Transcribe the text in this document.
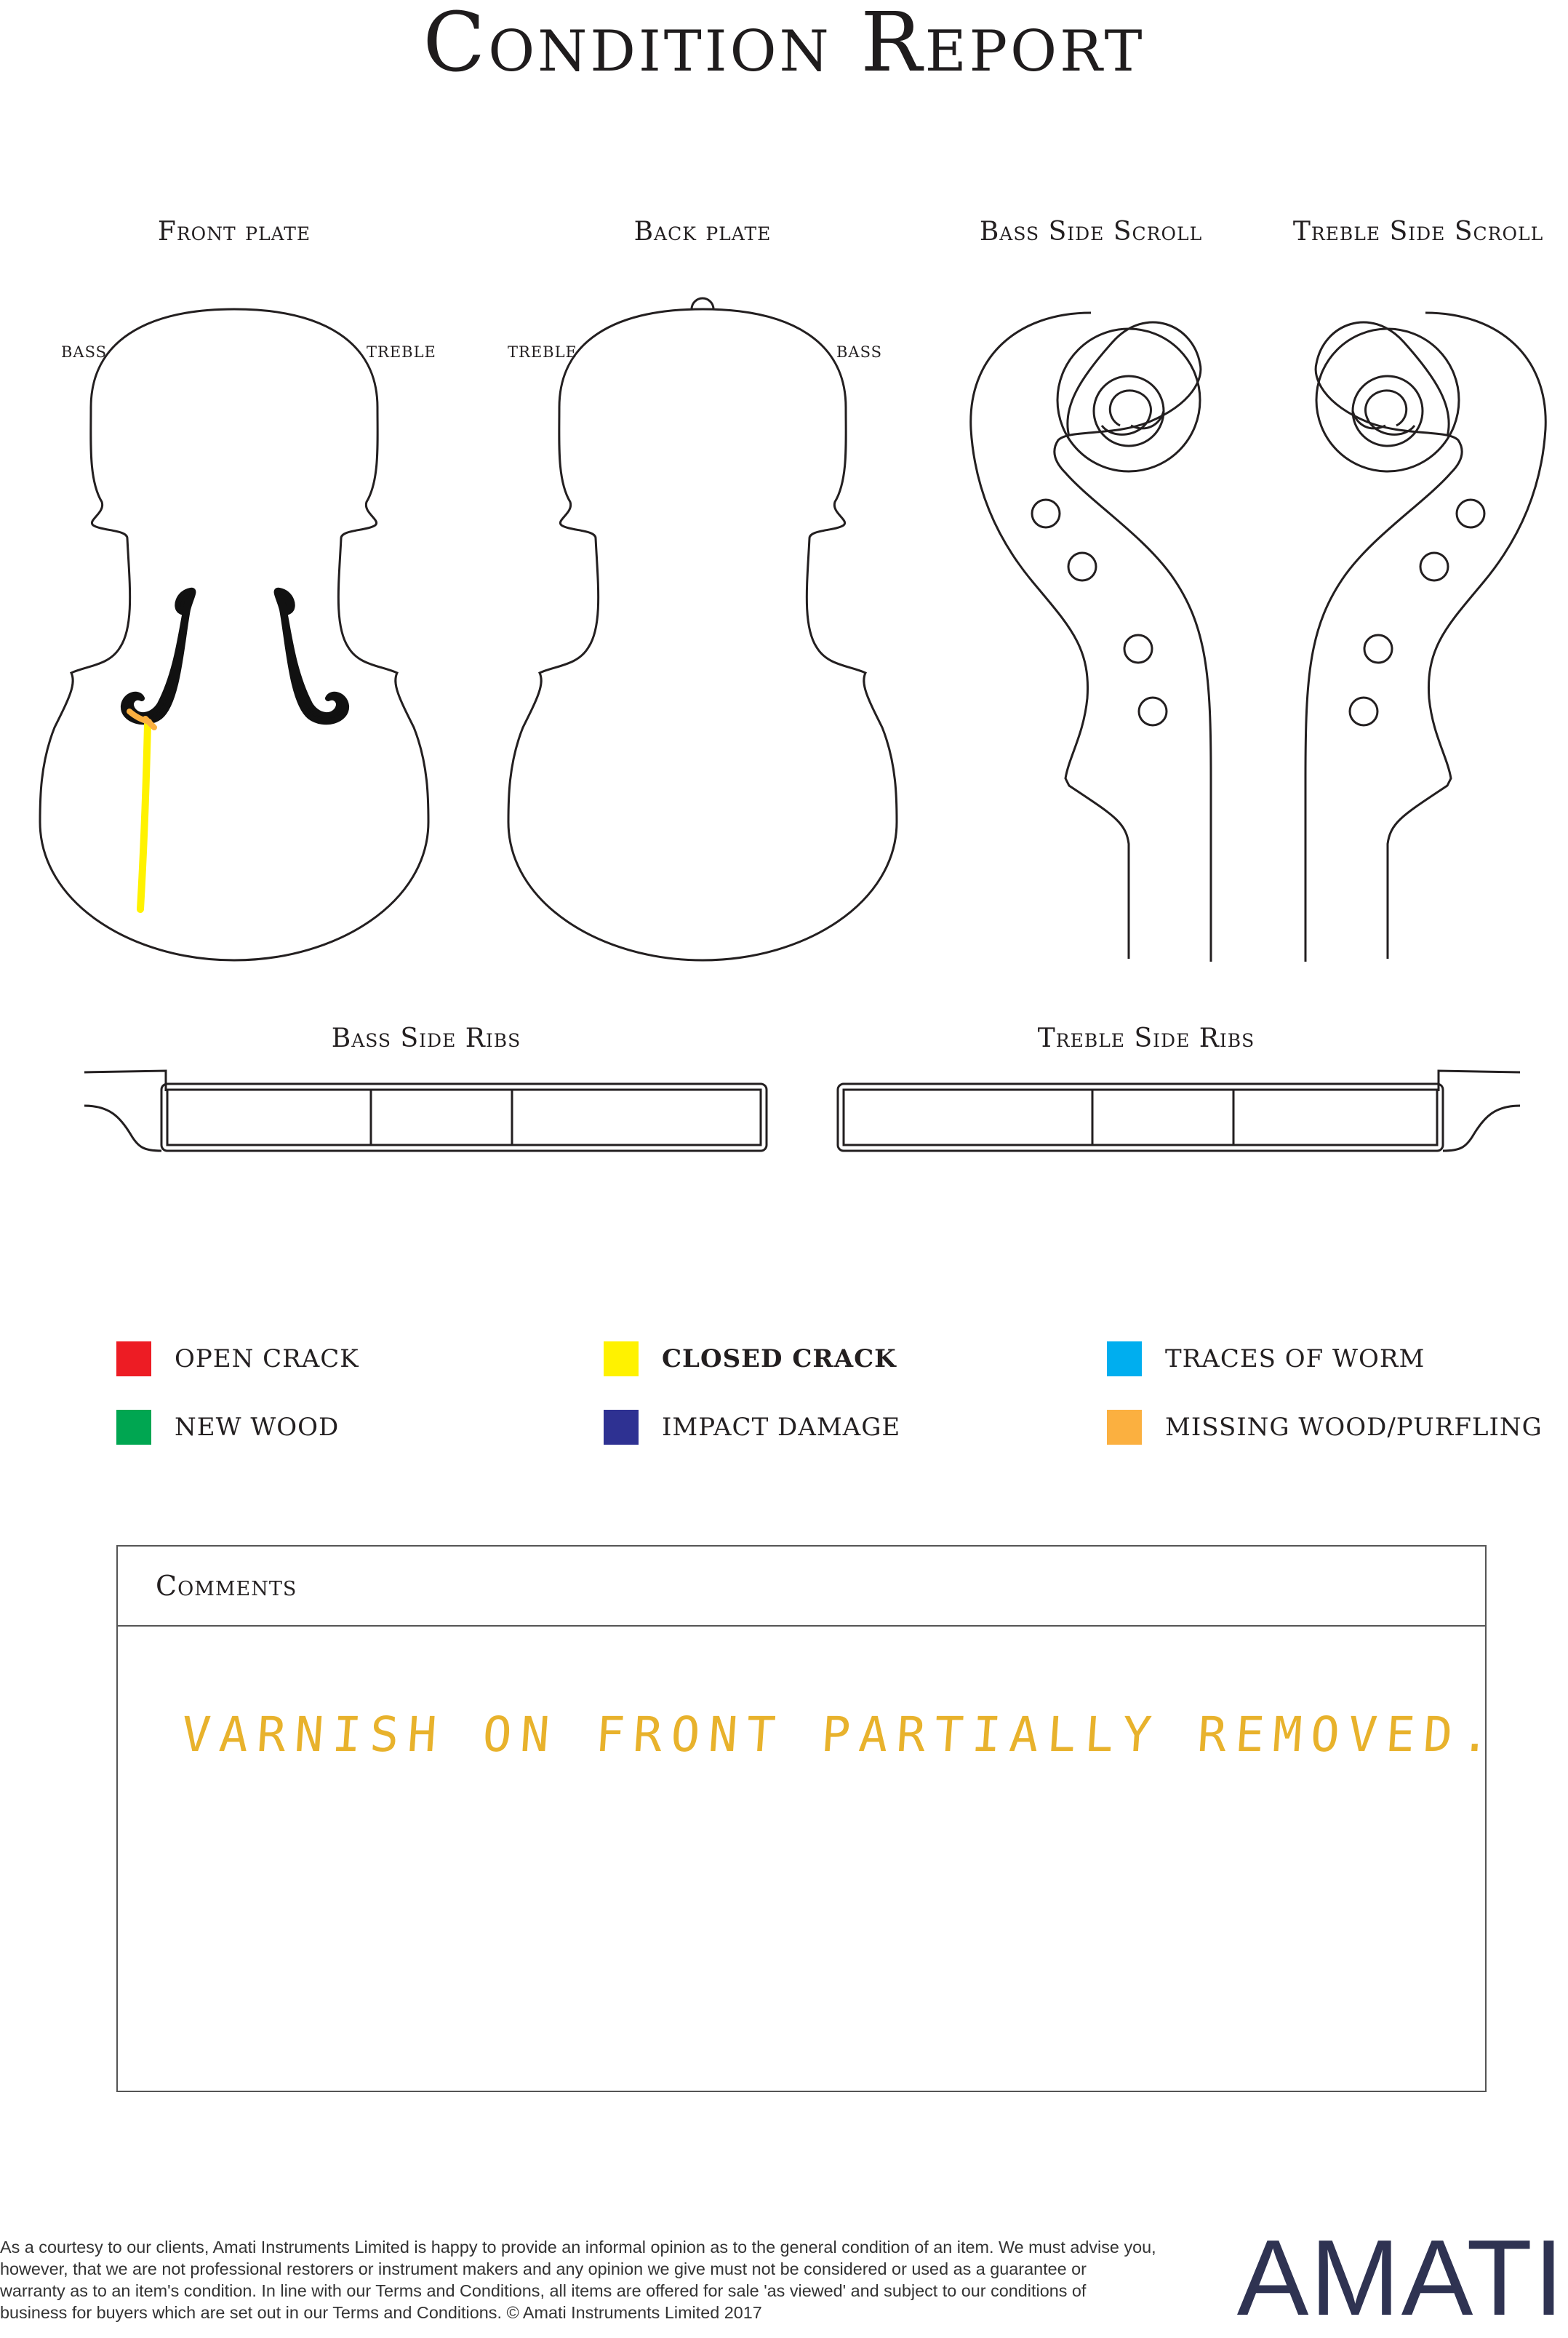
Condition Report
Front plate	Back plate	Bass Side Scroll	Treble Side Scroll
Bass Side Ribs	Treble Side Ribs
BASS	TREBLE	TREBLE	BASS
OPEN CRACK	CLOSED CRACK	TRACES OF WORM
NEW WOOD	IMPACT DAMAGE	MISSING WOOD/PURFLING
Comments
VARNISH ON FRONT PARTIALLY REMOVED.

As a courtesy to our clients, Amati Instruments Limited is happy to provide an informal opinion as to the general condition of an item. We must advise you, however, that we are not professional restorers or instrument makers and any opinion we give must not be considered or used as a guarantee or warranty as to an item's condition. In line with our Terms and Conditions, all items are offered for sale 'as viewed' and subject to our conditions of business for buyers which are set out in our Terms and Conditions. © Amati Instruments Limited 2017	AMATI
